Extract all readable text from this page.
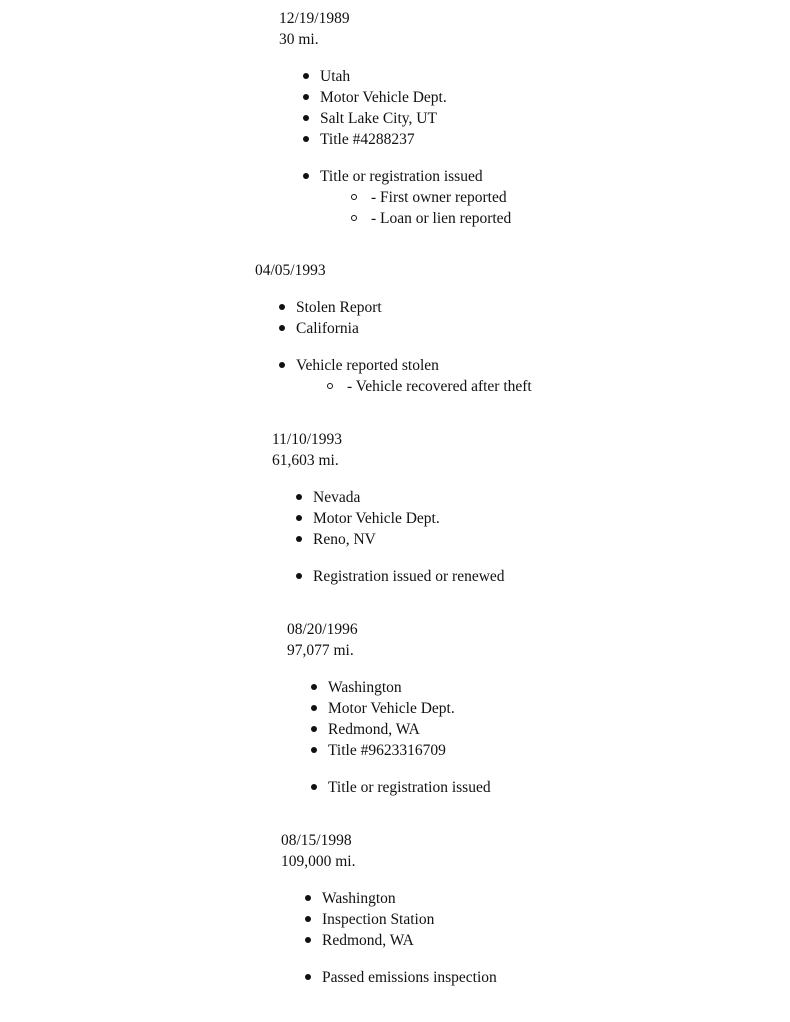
12/19/1989
30 mi.
Utah
Motor Vehicle Dept.
Salt Lake City, UT
Title #4288237
Title or registration issued
- First owner reported
- Loan or lien reported
04/05/1993
Stolen Report
California
Vehicle reported stolen
- Vehicle recovered after theft
11/10/1993
61,603 mi.
Nevada
Motor Vehicle Dept.
Reno, NV
Registration issued or renewed
08/20/1996
97,077 mi.
Washington
Motor Vehicle Dept.
Redmond, WA
Title #9623316709
Title or registration issued
08/15/1998
109,000 mi.
Washington
Inspection Station
Redmond, WA
Passed emissions inspection
